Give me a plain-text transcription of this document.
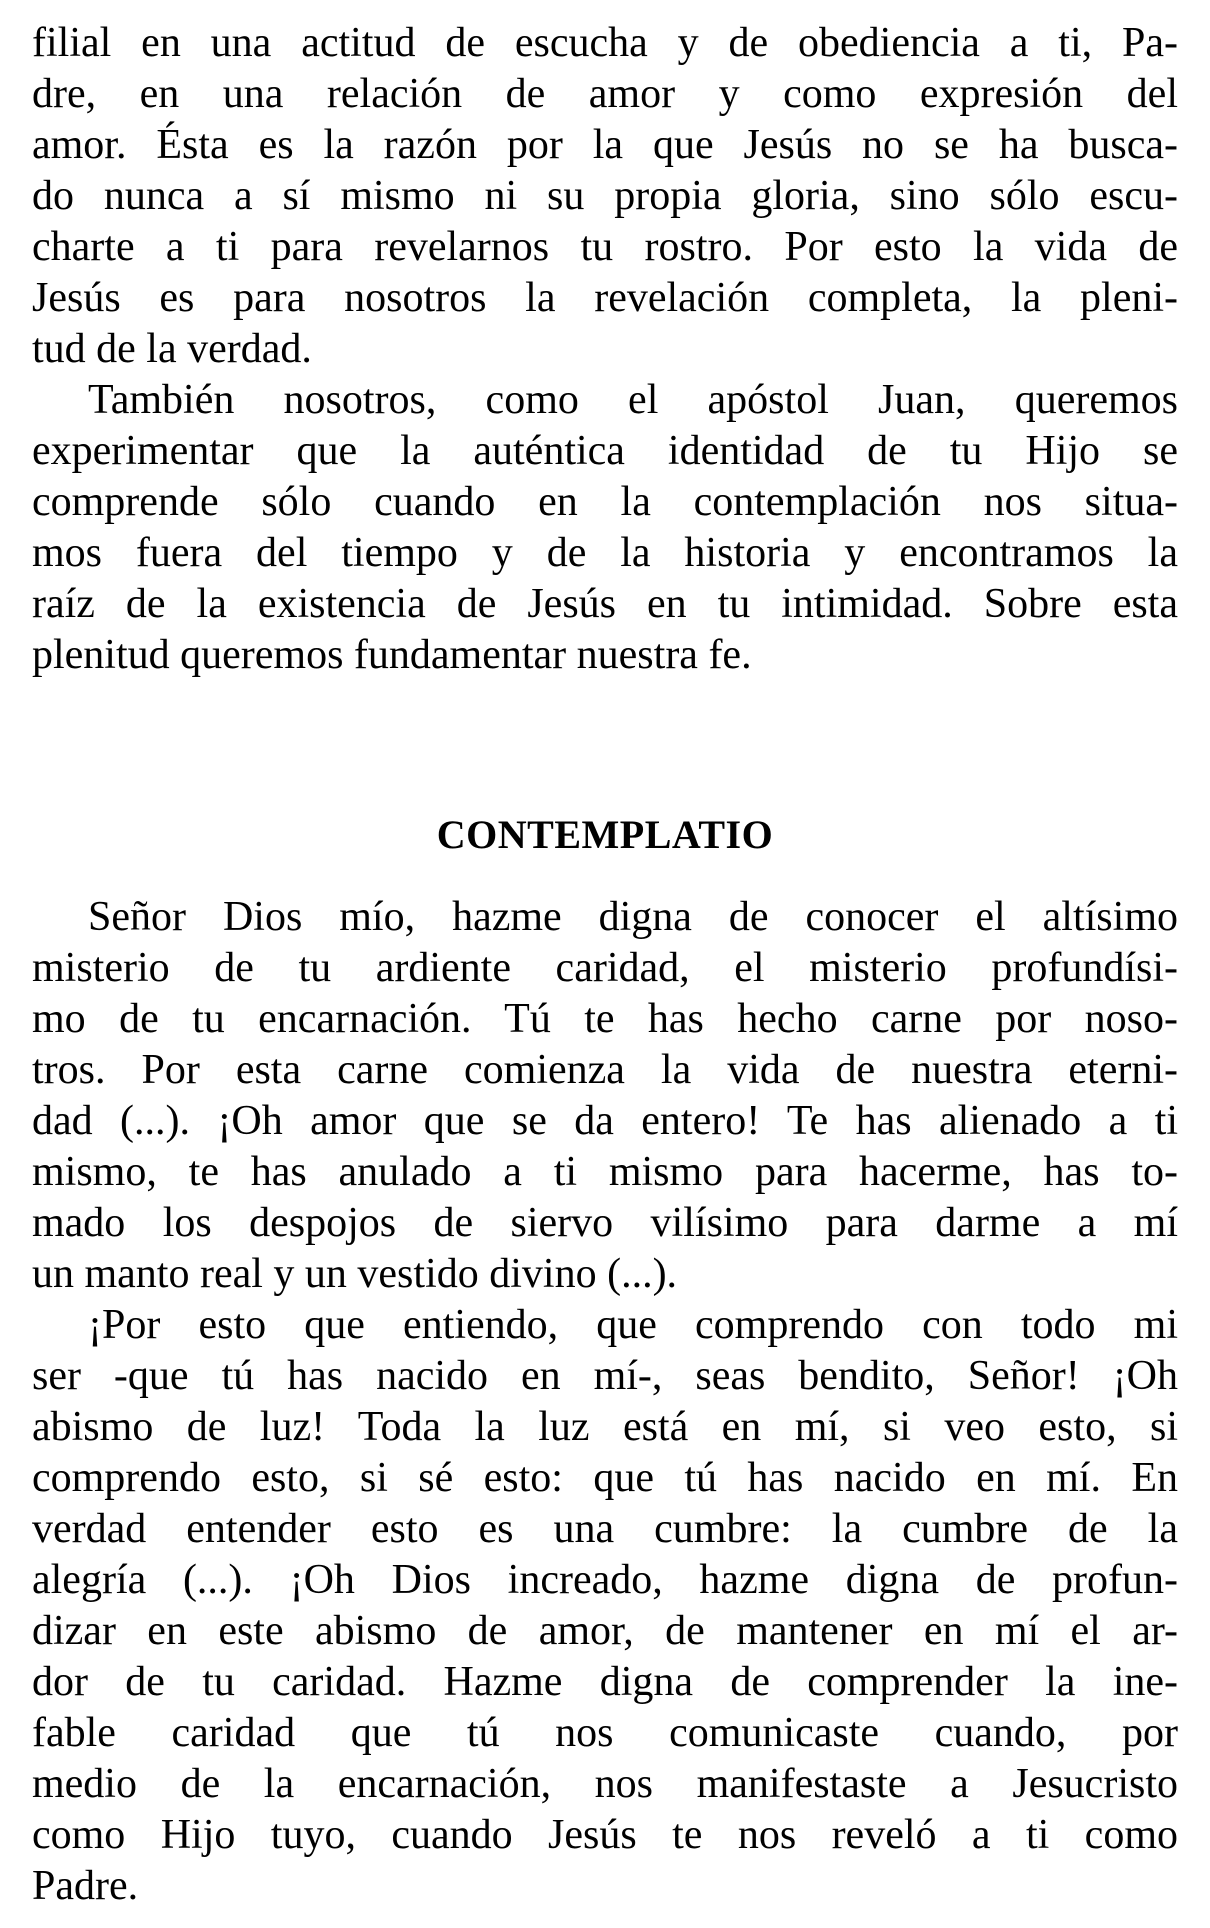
filial en una actitud de escucha y de obediencia a ti, Pa-
dre, en una relación de amor y como expresión del
amor. Ésta es la razón por la que Jesús no se ha busca-
do nunca a sí mismo ni su propia gloria, sino sólo escu-
charte a ti para revelarnos tu rostro. Por esto la vida de
Jesús es para nosotros la revelación completa, la pleni-
tud de la verdad.
También nosotros, como el apóstol Juan, queremos
experimentar que la auténtica identidad de tu Hijo se
comprende sólo cuando en la contemplación nos situa-
mos fuera del tiempo y de la historia y encontramos la
raíz de la existencia de Jesús en tu intimidad. Sobre esta
plenitud queremos fundamentar nuestra fe.
CONTEMPLATIO
Señor Dios mío, hazme digna de conocer el altísimo
misterio de tu ardiente caridad, el misterio profundísi-
mo de tu encarnación. Tú te has hecho carne por noso-
tros. Por esta carne comienza la vida de nuestra eterni-
dad (...). ¡Oh amor que se da entero! Te has alienado a ti
mismo, te has anulado a ti mismo para hacerme, has to-
mado los despojos de siervo vilísimo para darme a mí
un manto real y un vestido divino (...).
¡Por esto que entiendo, que comprendo con todo mi
ser -que tú has nacido en mí-, seas bendito, Señor! ¡Oh
abismo de luz! Toda la luz está en mí, si veo esto, si
comprendo esto, si sé esto: que tú has nacido en mí. En
verdad entender esto es una cumbre: la cumbre de la
alegría (...). ¡Oh Dios increado, hazme digna de profun-
dizar en este abismo de amor, de mantener en mí el ar-
dor de tu caridad. Hazme digna de comprender la ine-
fable caridad que tú nos comunicaste cuando, por
medio de la encarnación, nos manifestaste a Jesucristo
como Hijo tuyo, cuando Jesús te nos reveló a ti como
Padre.
